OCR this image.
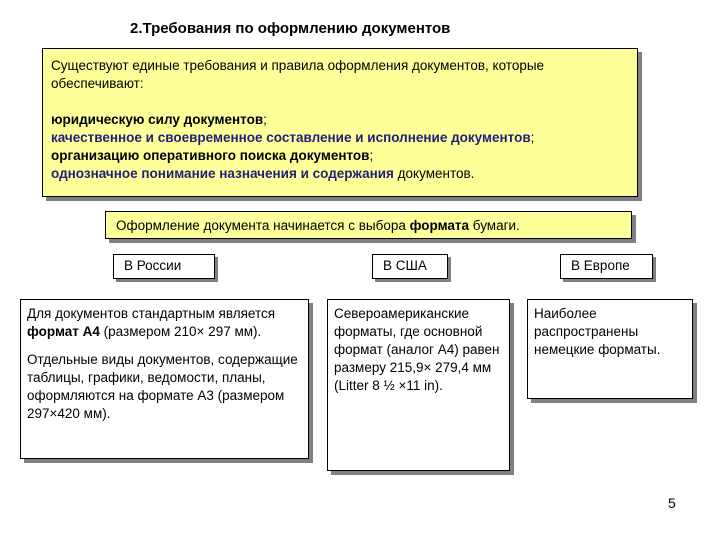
2.Требования по оформлению документов

Существуют единые требования и правила оформления документов, которые обеспечивают:

юридическую силу документов;
качественное и своевременное составление и исполнение документов;
организацию оперативного поиска документов;
однозначное понимание назначения и содержания документов.
Оформление документа начинается с выбора формата бумаги.
В России	В США	В Европе

Для документов стандартным является формат А4 (размером 210× 297 мм).

Отдельные виды документов, содержащие таблицы, графики, ведомости, планы, оформляются на формате А3 (размером 297×420 мм).

Североамериканские форматы, где основной формат (аналог А4) равен размеру 215,9× 279,4 мм (Litter 8 ½ ×11 in).
Наиболее распространены немецкие форматы.
5
